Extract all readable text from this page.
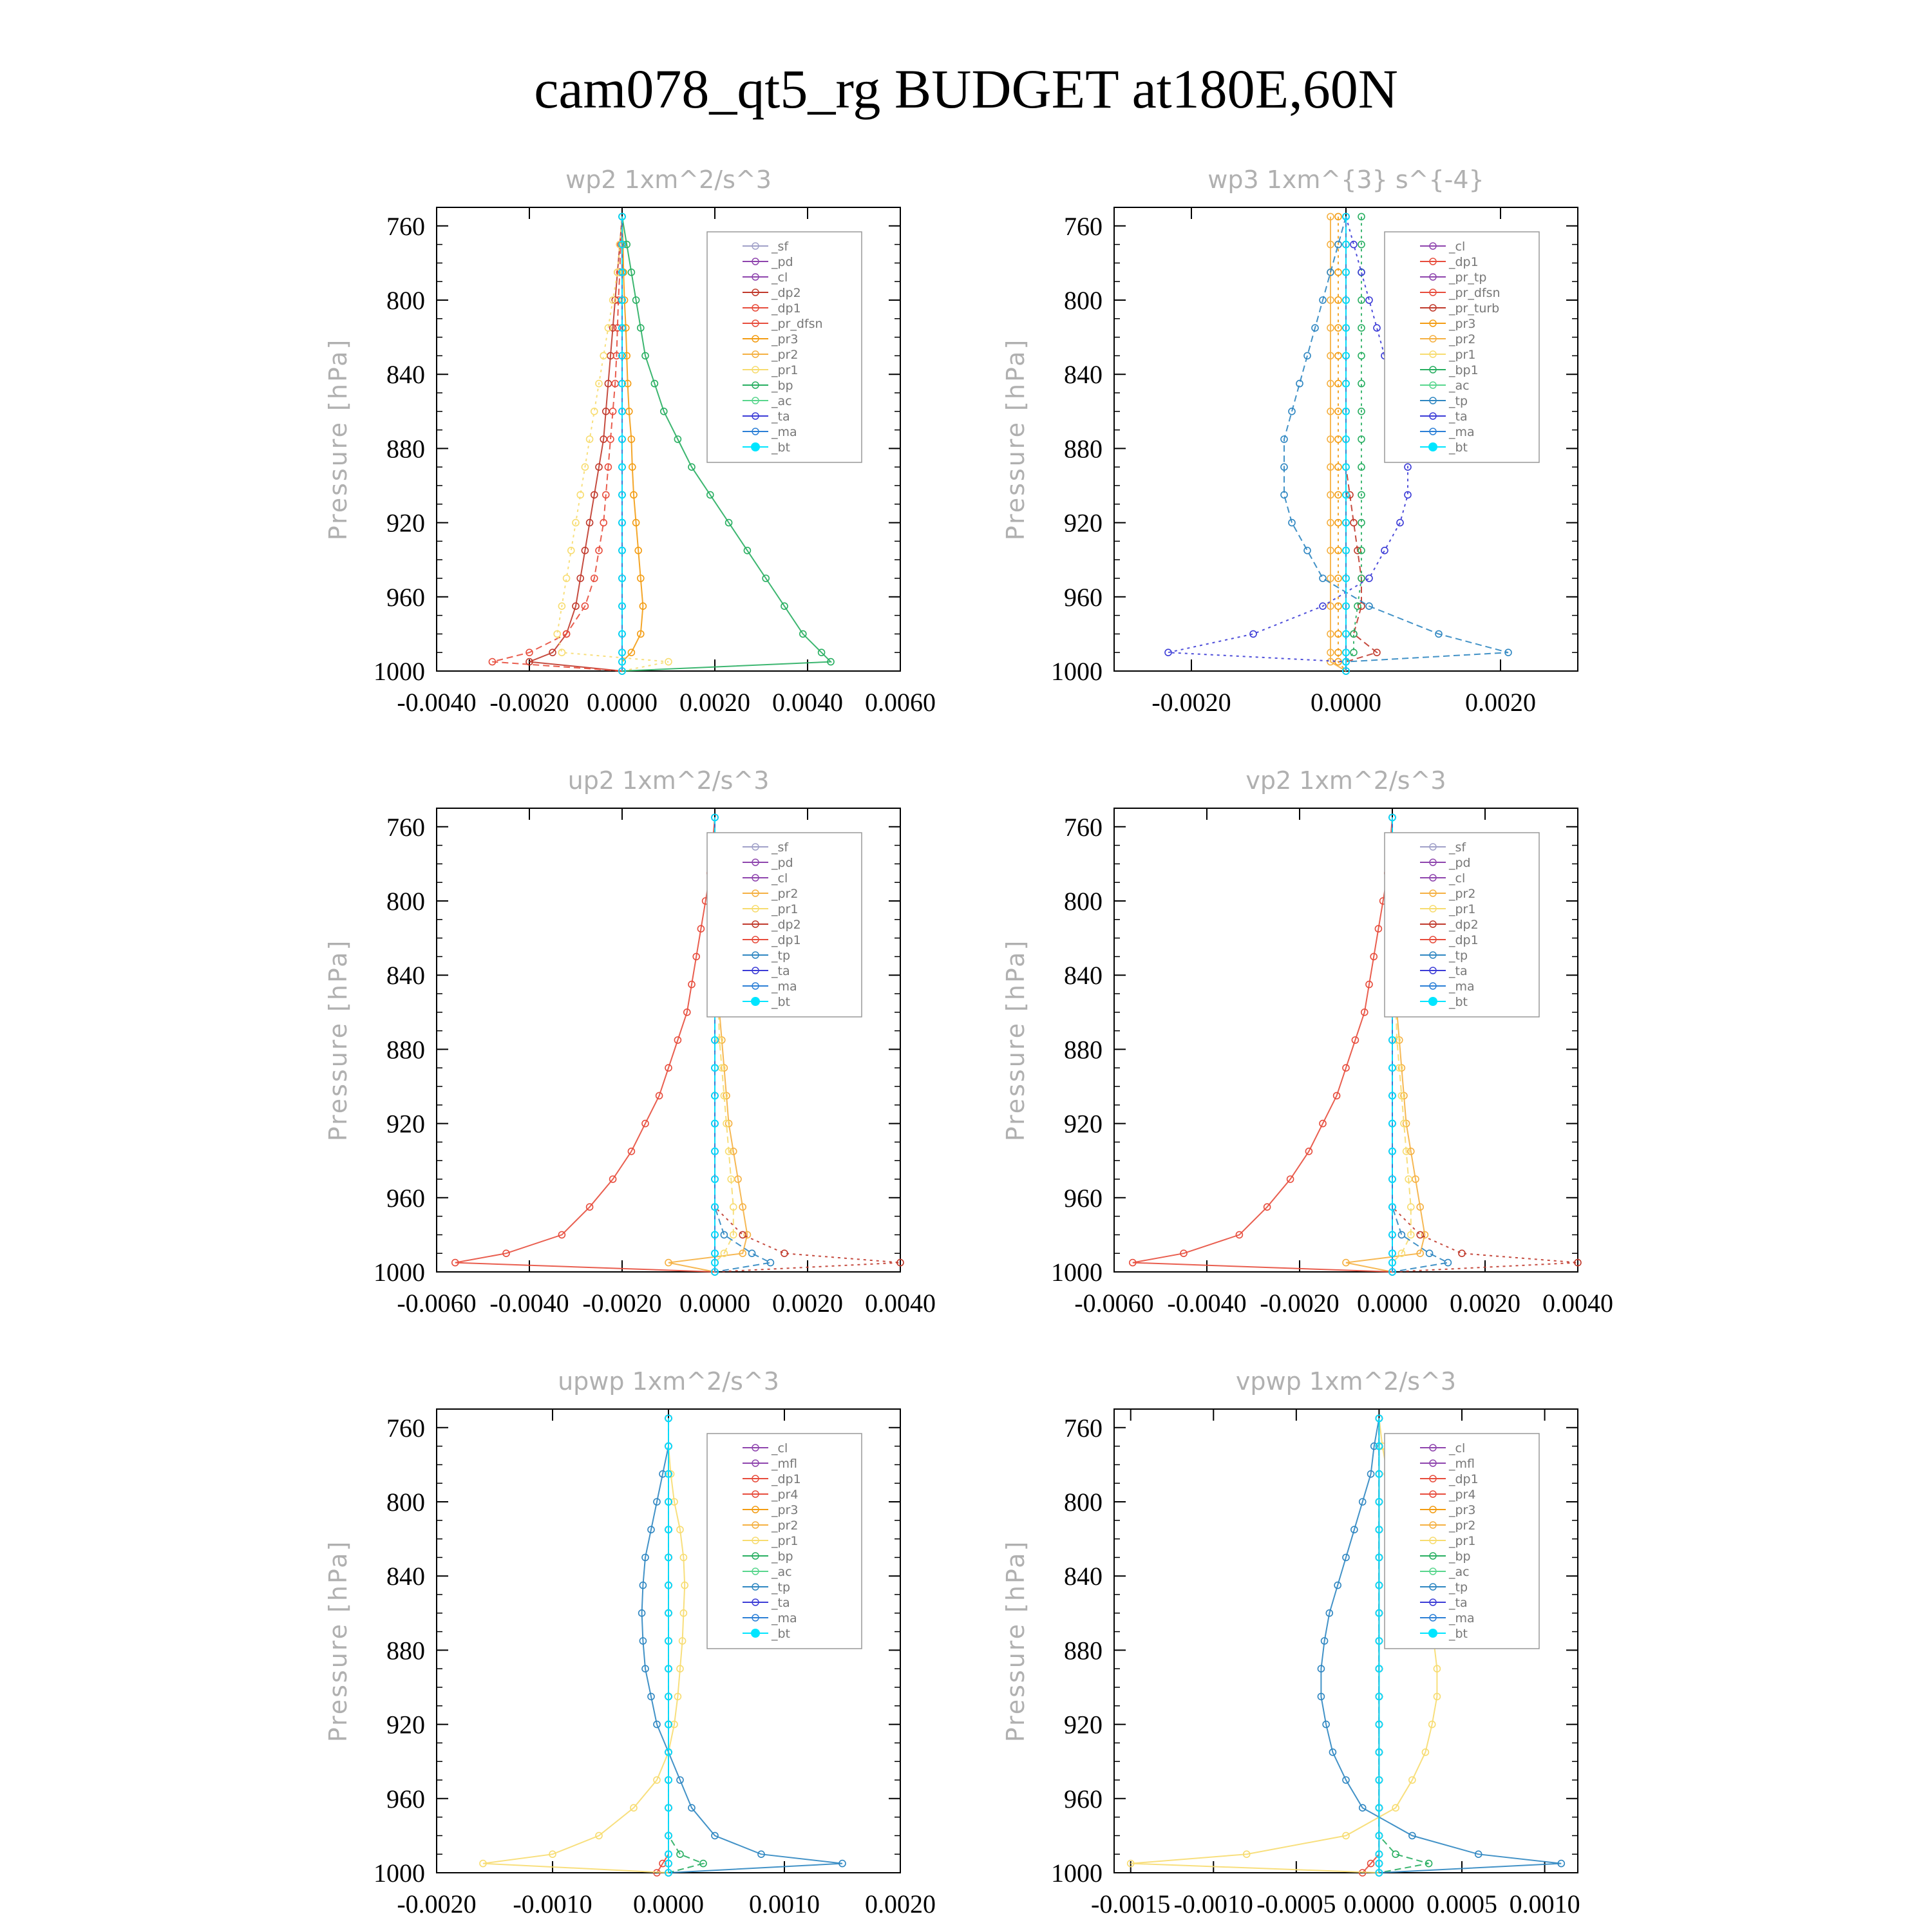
cam078_qt5_rg BUDGET at180E,60N
wp2 1xm^2/s^3
Pressure [hPa]
760
800
840
880
920
960
1000
-0.0040 -0.0020 0.0000 0.0020 0.0040 0.0060
_sf
_pd
_cl
_dp2
_dp1
_pr_dfsn
_pr3
_pr2
_pr1
_bp
_ac
_ta
_ma
_bt
wp3 1xm^{3} s^{-4}
Pressure [hPa]
760
800
840
880
920
960
1000
-0.0020	0.0000	0.0020
_cl
_dp1
_pr_tp
_pr_dfsn
_pr_turb
_pr3
_pr2
_pr1
_bp1
_ac
_tp
_ta
_ma
_bt
up2 1xm^2/s^3
Pressure [hPa]
760
800
840
880
920
960
1000
-0.0060 -0.0040 -0.0020 0.0000 0.0020 0.0040
_sf
_pd
_cl
_pr2
_pr1
_dp2
_dp1
_tp
_ta
_ma
_bt
vp2 1xm^2/s^3
Pressure [hPa]
760
800
840
880
920
960
1000
-0.0060 -0.0040 -0.0020 0.0000 0.0020 0.0040
_sf
_pd
_cl
_pr2
_pr1
_dp2
_dp1
_tp
_ta
_ma
_bt
upwp 1xm^2/s^3
Pressure [hPa]
760
800
840
880
920
960
1000
-0.0020 -0.0010 0.0000 0.0010 0.0020
_cl
_mfl
_dp1
_pr4
_pr3
_pr2
_pr1
_bp
_ac
_tp
_ta
_ma
_bt
vpwp 1xm^2/s^3
Pressure [hPa]
760
800
840
880
920
960
1000
-0.0015 -0.0010 -0.0005 0.0000 0.0005 0.0010
_cl
_mfl
_dp1
_pr4
_pr3
_pr2
_pr1
_bp
_ac
_tp
_ta
_ma
_bt
